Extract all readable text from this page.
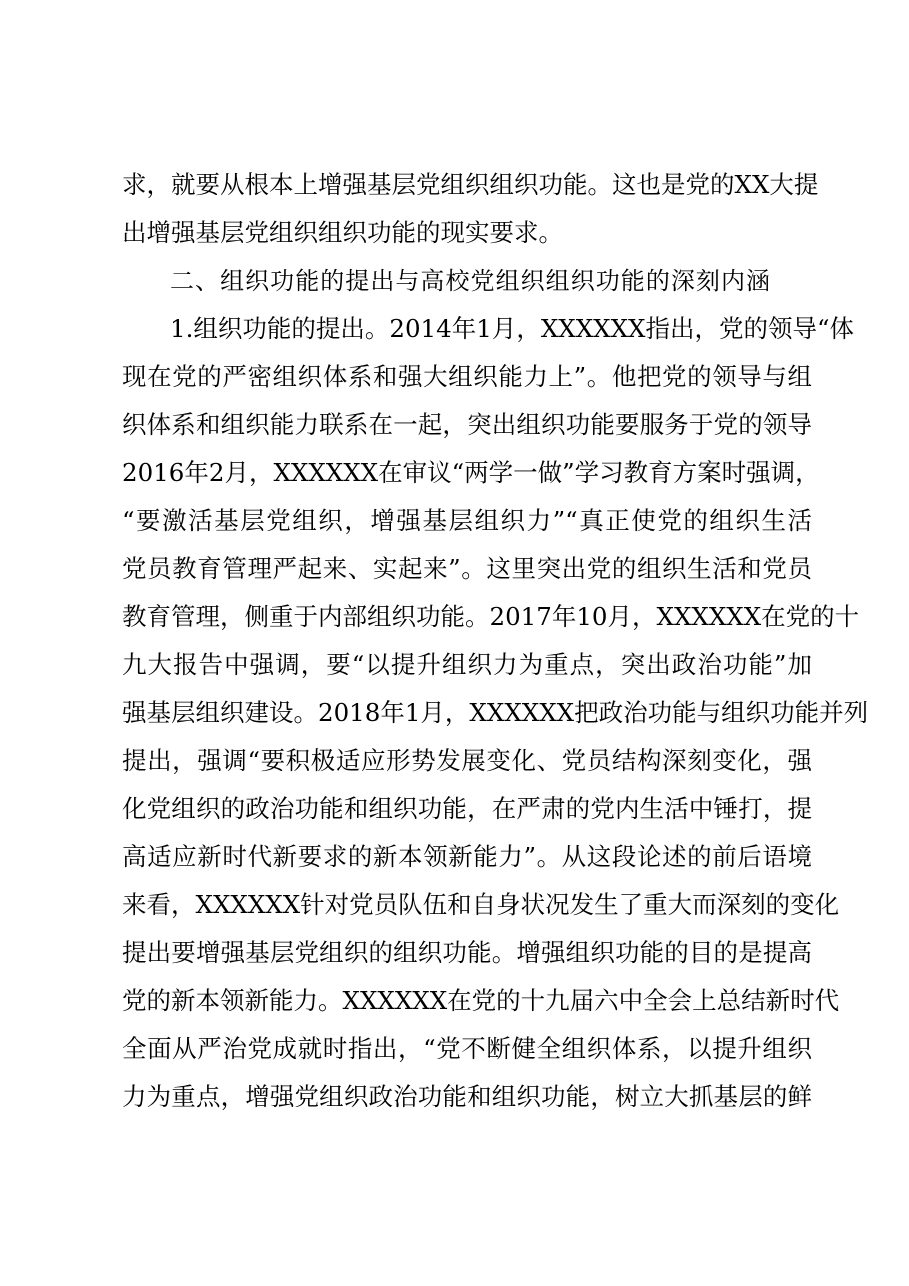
求，就要从根本上增强基层党组织组织功能。这也是党的XX大提
出增强基层党组织组织功能的现实要求。
二、组织功能的提出与高校党组织组织功能的深刻内涵
1.组织功能的提出。2014年1月，XXXXXX指出，党的领导“体
现在党的严密组织体系和强大组织能力上”。他把党的领导与组
织体系和组织能力联系在一起，突出组织功能要服务于党的领导
2016年2月，XXXXXX在审议“两学一做”学习教育方案时强调，
“要激活基层党组织，增强基层组织力”“真正使党的组织生活
党员教育管理严起来、实起来”。这里突出党的组织生活和党员
教育管理，侧重于内部组织功能。2017年10月，XXXXXX在党的十
九大报告中强调，要“以提升组织力为重点，突出政治功能”加
强基层组织建设。2018年1月，XXXXXX把政治功能与组织功能并列
提出，强调“要积极适应形势发展变化、党员结构深刻变化，强
化党组织的政治功能和组织功能，在严肃的党内生活中锤打，提
高适应新时代新要求的新本领新能力”。从这段论述的前后语境
来看，XXXXXX针对党员队伍和自身状况发生了重大而深刻的变化
提出要增强基层党组织的组织功能。增强组织功能的目的是提高
党的新本领新能力。XXXXXX在党的十九届六中全会上总结新时代
全面从严治党成就时指出，“党不断健全组织体系，以提升组织
力为重点，增强党组织政治功能和组织功能，树立大抓基层的鲜
